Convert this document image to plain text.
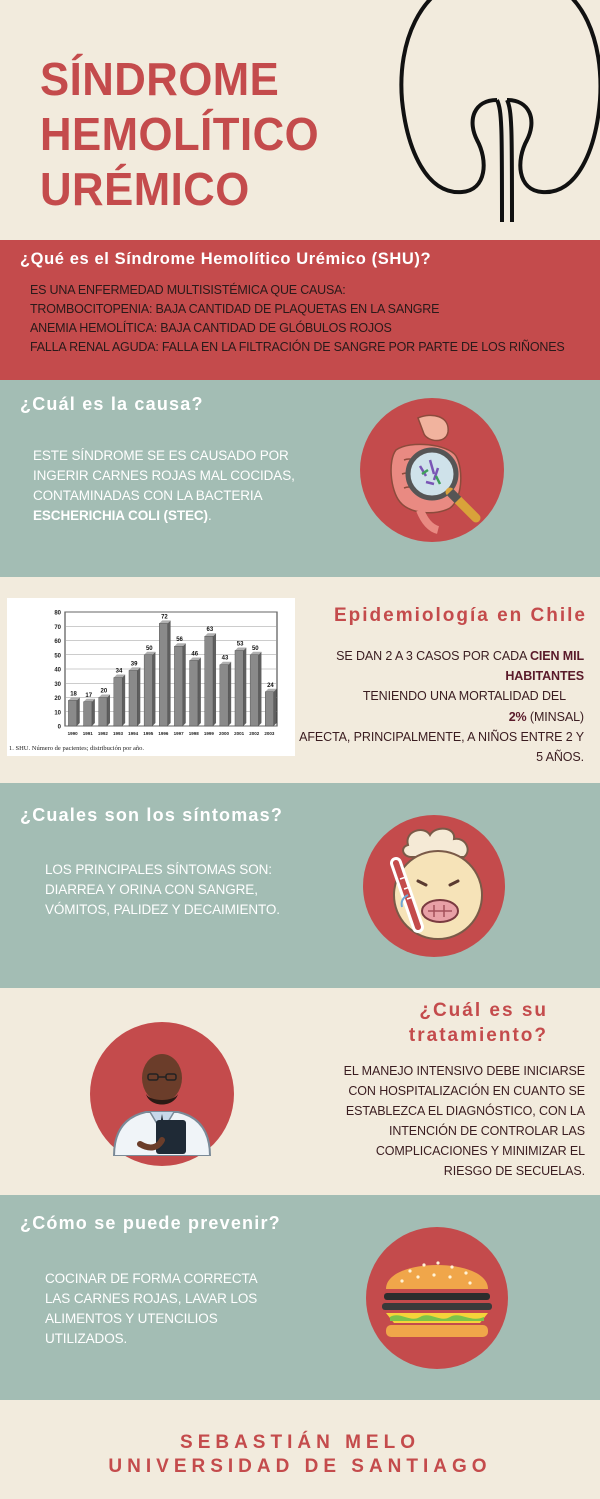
SÍNDROME
HEMOLÍTICO
URÉMICO
¿Qué es el Síndrome Hemolítico Urémico (SHU)?
ES UNA ENFERMEDAD MULTISISTÉMICA QUE CAUSA:
TROMBOCITOPENIA: BAJA CANTIDAD DE PLAQUETAS EN LA SANGRE
ANEMIA HEMOLÍTICA: BAJA CANTIDAD DE GLÓBULOS ROJOS
FALLA RENAL AGUDA: FALLA EN LA FILTRACIÓN DE SANGRE POR PARTE DE LOS RIÑONES
¿Cuál es la causa?
ESTE SÍNDROME SE ES CAUSADO POR
INGERIR CARNES ROJAS MAL COCIDAS,
CONTAMINADAS CON LA BACTERIA
ESCHERICHIA COLI (STEC).
Epidemiología en Chile
SE DAN 2 A 3 CASOS POR CADA CIEN MIL
HABITANTES
TENIENDO UNA MORTALIDAD DEL
2% (MINSAL)
AFECTA, PRINCIPALMENTE, A NIÑOS ENTRE 2 Y
5 AÑOS.
0
10
20
30
40
50
60
70
80
18
1990
17
1991
20
1992
34
1993
39
1994
50
1995
72
1996
56
1997
46
1998
63
1999
43
2000
53
2001
50
2002
24
2003
1. SHU. Número de pacientes; distribución por año.
¿Cuales son los síntomas?
LOS PRINCIPALES SÍNTOMAS SON:
DIARREA Y ORINA CON SANGRE,
VÓMITOS, PALIDEZ Y DECAIMIENTO.
¿Cuál es su
tratamiento?
EL MANEJO INTENSIVO DEBE INICIARSE
CON HOSPITALIZACIÓN EN CUANTO SE
ESTABLEZCA EL DIAGNÓSTICO, CON LA
INTENCIÓN DE CONTROLAR LAS
COMPLICACIONES Y MINIMIZAR EL
RIESGO DE SECUELAS.
¿Cómo se puede prevenir?
COCINAR DE FORMA CORRECTA
LAS CARNES ROJAS, LAVAR LOS
ALIMENTOS Y UTENCILIOS
UTILIZADOS.
SEBASTIÁN MELO
UNIVERSIDAD DE SANTIAGO
